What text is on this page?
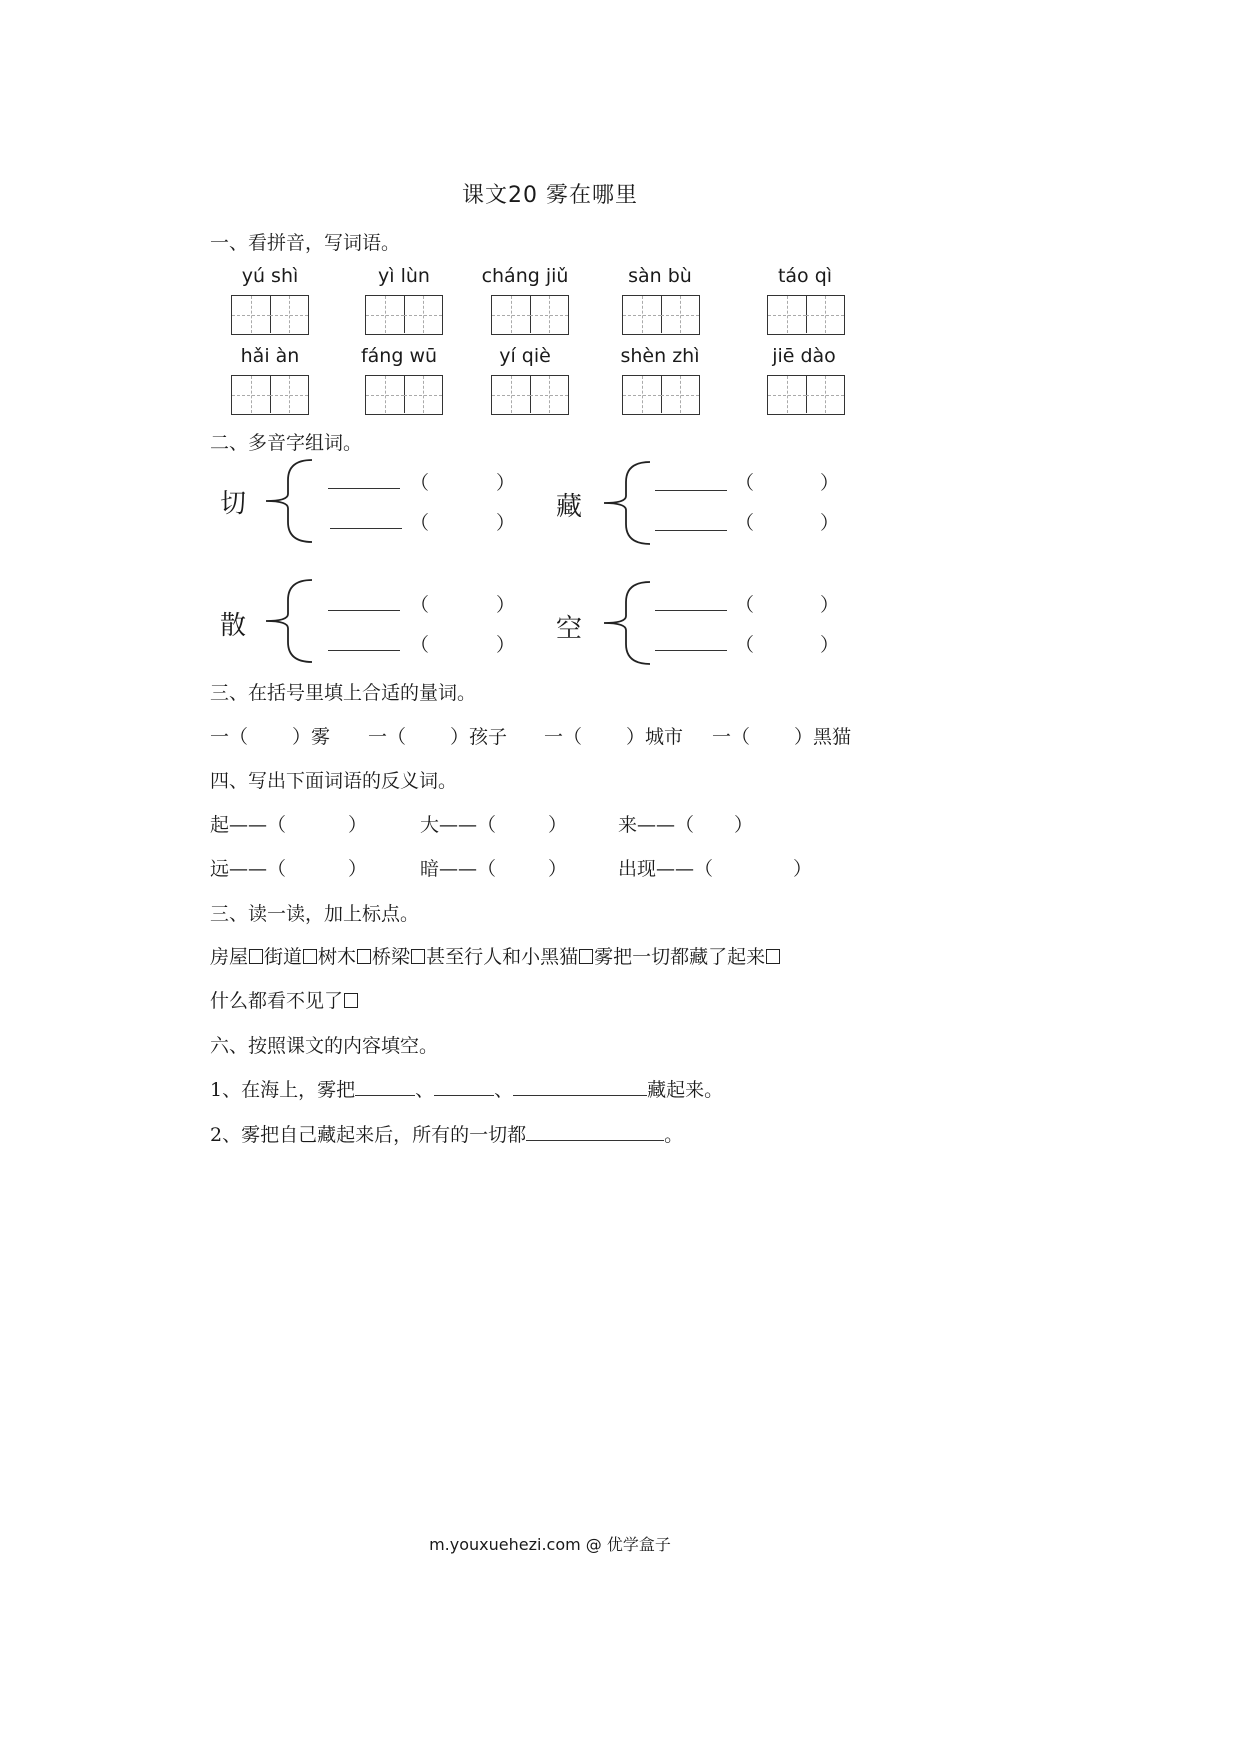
课文20 雾在哪里
一、看拼音，写词语。
yú shì	yì lùn	cháng jiǔ	sàn bù	táo qì
hǎi àn	fáng wū	yí qiè	shèn zhì	jiē dào
二、多音字组词。
切
（	）
（	）
藏
（	）
（	）
散
（	）
（	）
空
（	）
（	）
三、在括号里填上合适的量词。
一（ ）雾 一（ ）孩子 一（ ）城市 一（ ）黑猫
四、写出下面词语的反义词。
起——（	）	大——（	）	来——（ ）
远——（	）	暗——（	）	出现——（	）
三、读一读，加上标点。
房屋 街道 树木 桥梁 甚至行人和小黑猫 雾把一切都藏了起来
什么都看不见了
六、按照课文的内容填空。
1、在海上，雾把	、	、	藏起来。
2、雾把自己藏起来后，所有的一切都	。
m.youxuehezi.com @ 优学盒子
